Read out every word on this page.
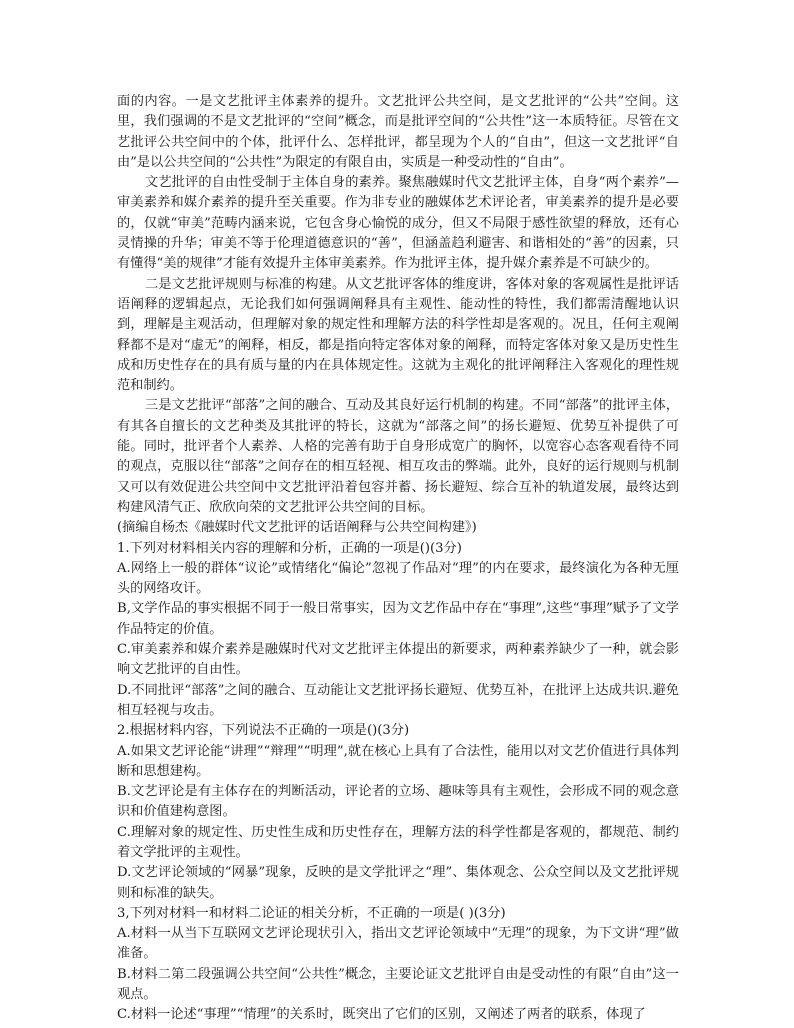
面的内容。一是文艺批评主体素养的提升。文艺批评公共空间，是文艺批评的“公共”空间。这里，我们强调的不是文艺批评的“空间”概念，而是批评空间的“公共性”这一本质特征。尽管在文艺批评公共空间中的个体，批评什么、怎样批评，都呈现为个人的“自由”，但这一文艺批评“自由”是以公共空间的“公共性”为限定的有限自由，实质是一种受动性的“自由”。

文艺批评的自由性受制于主体自身的素养。聚焦融媒时代文艺批评主体，自身“两个素养”—审美素养和媒介素养的提升至关重要。作为非专业的融媒体艺术评论者，审美素养的提升是必要的，仅就“审美”范畴内涵来说，它包含身心愉悦的成分，但又不局限于感性欲望的释放，还有心灵情操的升华；审美不等于伦理道德意识的“善”，但涵盖趋利避害、和谐相处的“善”的因素，只有懂得“美的规律”才能有效提升主体审美素养。作为批评主体，提升媒介素养是不可缺少的。

二是文艺批评规则与标准的构建。从文艺批评客体的维度讲，客体对象的客观属性是批评话语阐释的逻辑起点，无论我们如何强调阐释具有主观性、能动性的特性，我们都需清醒地认识到，理解是主观活动，但理解对象的规定性和理解方法的科学性却是客观的。况且，任何主观阐释都不是对“虚无”的阐释，相反，都是指向特定客体对象的阐释，而特定客体对象又是历史性生成和历史性存在的具有质与量的内在具体规定性。这就为主观化的批评阐释注入客观化的理性规范和制约。

三是文艺批评“部落”之间的融合、互动及其良好运行机制的构建。不同“部落”的批评主体，有其各自擅长的文艺种类及其批评的特长，这就为“部落之间”的扬长避短、优势互补提供了可能。同时，批评者个人素养、人格的完善有助于自身形成宽广的胸怀，以宽容心态客观看待不同的观点，克服以往“部落”之间存在的相互轻视、相互攻击的弊端。此外，良好的运行规则与机制又可以有效促进公共空间中文艺批评沿着包容并蓄、扬长避短、综合互补的轨道发展，最终达到构建风清气正、欣欣向荣的文艺批评公共空间的目标。

(摘编自杨杰《融媒时代文艺批评的话语阐释与公共空间构建》)

1.下列对材料相关内容的理解和分析，正确的一项是()(3分)

A.网络上一般的群体“议论”或情绪化“偏论”忽视了作品对“理”的内在要求，最终演化为各种无厘头的网络攻讦。

B,文学作品的事实根据不同于一般日常事实，因为文艺作品中存在“事理”,这些“事理”赋予了文学作品特定的价值。

C.审美素养和媒介素养是融媒时代对文艺批评主体提出的新要求，两种素养缺少了一种，就会影响文艺批评的自由性。

D.不同批评“部落”之间的融合、互动能让文艺批评扬长避短、优势互补，在批评上达成共识.避免相互轻视与攻击。

2.根据材料内容，下列说法不正确的一项是()(3分)

A.如果文艺评论能“讲理”“辩理”“明理”,就在核心上具有了合法性，能用以对文艺价值进行具体判断和思想建构。

B.文艺评论是有主体存在的判断活动，评论者的立场、趣味等具有主观性，会形成不同的观念意识和价值建构意图。

C.理解对象的规定性、历史性生成和历史性存在，理解方法的科学性都是客观的，都规范、制约着文学批评的主观性。

D.文艺评论领域的“网暴”现象，反映的是文学批评之“理”、集体观念、公众空间以及文艺批评规则和标准的缺失。

3,下列对材料一和材料二论证的相关分析，不正确的一项是( )(3分)

A.材料一从当下互联网文艺评论现状引入，指出文艺评论领域中“无理”的现象，为下文讲“理”做准备。

B.材料二第二段强调公共空间“公共性”概念，主要论证文艺批评自由是受动性的有限“自由”这一观点。

C.材料一论述“事理”“情理”的关系时，既突出了它们的区别，又阐述了两者的联系，体现了
